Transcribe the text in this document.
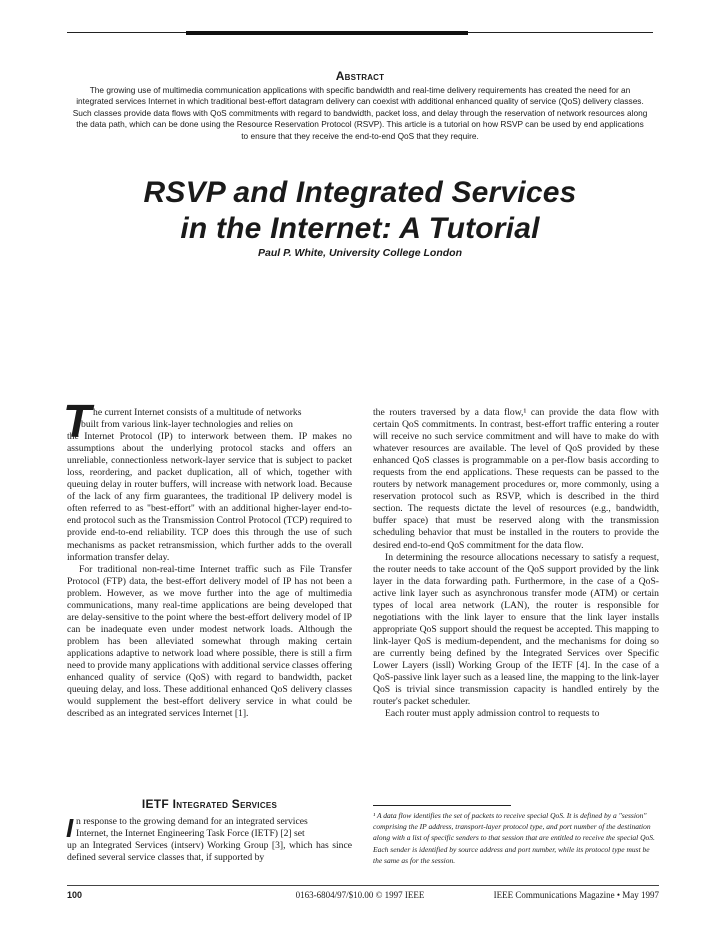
Abstract
The growing use of multimedia communication applications with specific bandwidth and real-time delivery requirements has created the need for an integrated services Internet in which traditional best-effort datagram delivery can coexist with additional enhanced quality of service (QoS) delivery classes. Such classes provide data flows with QoS commitments with regard to bandwidth, packet loss, and delay through the reservation of network resources along the data path, which can be done using the Resource Reservation Protocol (RSVP). This article is a tutorial on how RSVP can be used by end applications to ensure that they receive the end-to-end QoS that they require.
RSVP and Integrated Services
in the Internet: A Tutorial
Paul P. White, University College London
T he current Internet consists of a multitude of networks

built from various link-layer technologies and relies on

the Internet Protocol (IP) to interwork between them. IP makes no assumptions about the underlying protocol stacks and offers an unreliable, connectionless network-layer service that is subject to packet loss, reordering, and packet duplication, all of which, together with queuing delay in router buffers, will increase with network load. Because of the lack of any firm guarantees, the traditional IP delivery model is often referred to as "best-effort" with an additional higher-layer end-to-end protocol such as the Transmission Control Protocol (TCP) required to provide end-to-end reliability. TCP does this through the use of such mechanisms as packet retransmission, which further adds to the overall information transfer delay.

For traditional non-real-time Internet traffic such as File Transfer Protocol (FTP) data, the best-effort delivery model of IP has not been a problem. However, as we move further into the age of multimedia communications, many real-time applications are being developed that are delay-sensitive to the point where the best-effort delivery model of IP can be inadequate even under modest network loads. Although the problem has been alleviated somewhat through making certain applications adaptive to network load where possible, there is still a firm need to provide many applications with additional service classes offering enhanced quality of service (QoS) with regard to bandwidth, packet queuing delay, and loss. These additional enhanced QoS delivery classes would supplement the best-effort delivery service in what could be described as an integrated services Internet [1].

IETF Integrated Services
I n response to the growing demand for an integrated services

Internet, the Internet Engineering Task Force (IETF) [2] set

up an Integrated Services (intserv) Working Group [3], which has since defined several service classes that, if supported by

the routers traversed by a data flow,¹ can provide the data flow with certain QoS commitments. In contrast, best-effort traffic entering a router will receive no such service commitment and will have to make do with whatever resources are available. The level of QoS provided by these enhanced QoS classes is programmable on a per-flow basis according to requests from the end applications. These requests can be passed to the routers by network management procedures or, more commonly, using a reservation protocol such as RSVP, which is described in the third section. The requests dictate the level of resources (e.g., bandwidth, buffer space) that must be reserved along with the transmission scheduling behavior that must be installed in the routers to provide the desired end-to-end QoS commitment for the data flow.

In determining the resource allocations necessary to satisfy a request, the router needs to take account of the QoS support provided by the link layer in the data forwarding path. Furthermore, in the case of a QoS-active link layer such as asynchronous transfer mode (ATM) or certain types of local area network (LAN), the router is responsible for negotiations with the link layer to ensure that the link layer installs appropriate QoS support should the request be accepted. This mapping to link-layer QoS is medium-dependent, and the mechanisms for doing so are currently being defined by the Integrated Services over Specific Lower Layers (issll) Working Group of the IETF [4]. In the case of a QoS-passive link layer such as a leased line, the mapping to the link-layer QoS is trivial since transmission capacity is handled entirely by the router's packet scheduler.

Each router must apply admission control to requests to

¹ A data flow identifies the set of packets to receive special QoS. It is defined by a "session" comprising the IP address, transport-layer protocol type, and port number of the destination along with a list of specific senders to that session that are entitled to receive the special QoS. Each sender is identified by source address and port number, while its protocol type must be the same as for the session.
100	0163-6804/97/$10.00 © 1997 IEEE	IEEE Communications Magazine • May 1997
